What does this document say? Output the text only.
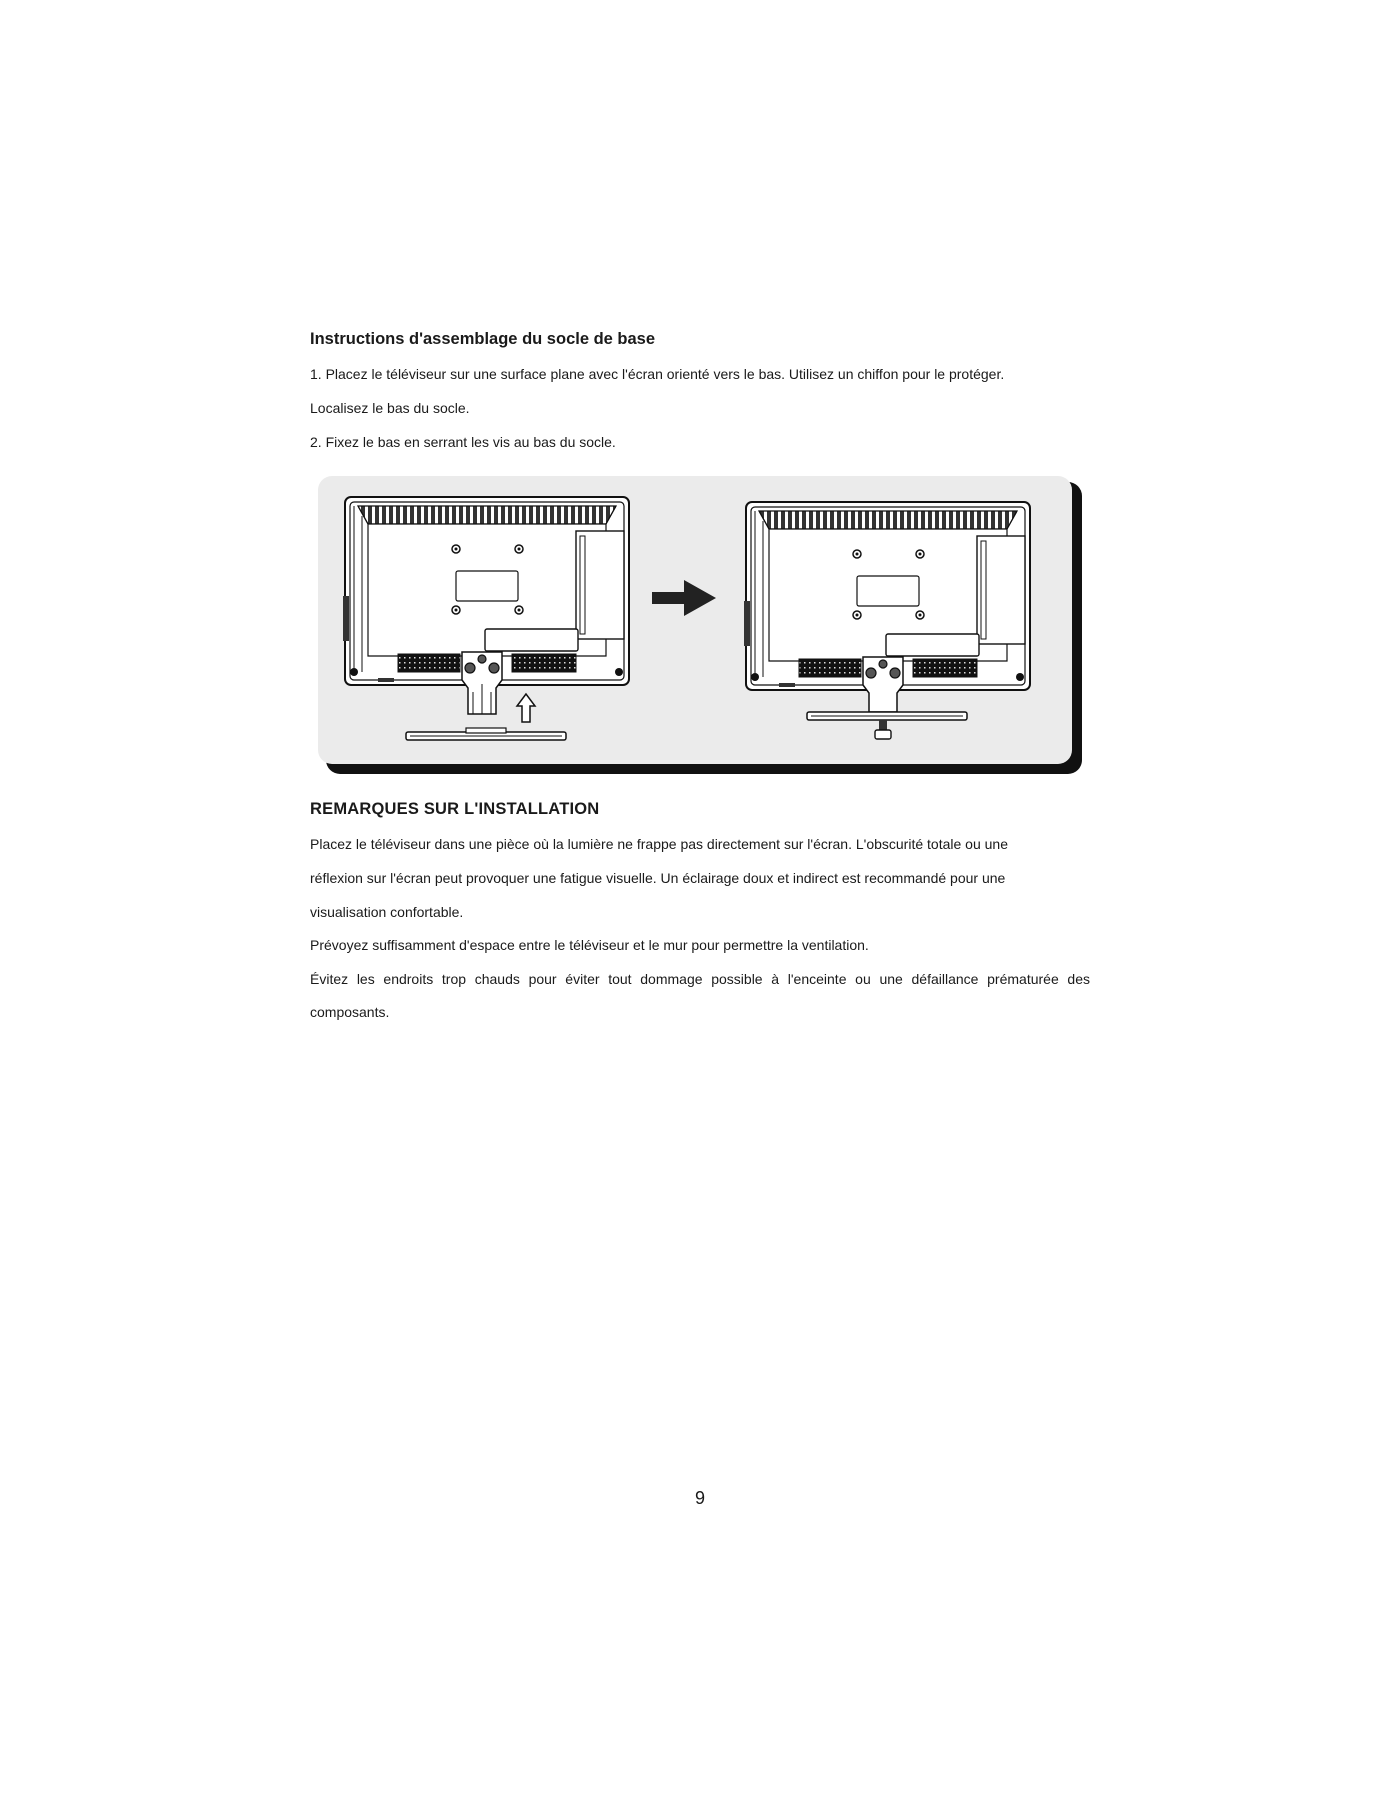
Instructions d'assemblage du socle de base

1. Placez le téléviseur sur une surface plane avec l'écran orienté vers le bas. Utilisez un chiffon pour le protéger.

Localisez le bas du socle.

2. Fixez le bas en serrant les vis au bas du socle.

REMARQUES SUR L'INSTALLATION

Placez le téléviseur dans une pièce où la lumière ne frappe pas directement sur l'écran. L'obscurité totale ou une

réflexion sur l'écran peut provoquer une fatigue visuelle. Un éclairage doux et indirect est recommandé pour une

visualisation confortable.

Prévoyez suffisamment d'espace entre le téléviseur et le mur pour permettre la ventilation.

Évitez les endroits trop chauds pour éviter tout dommage possible à l'enceinte ou une défaillance prématurée des

composants.

9
